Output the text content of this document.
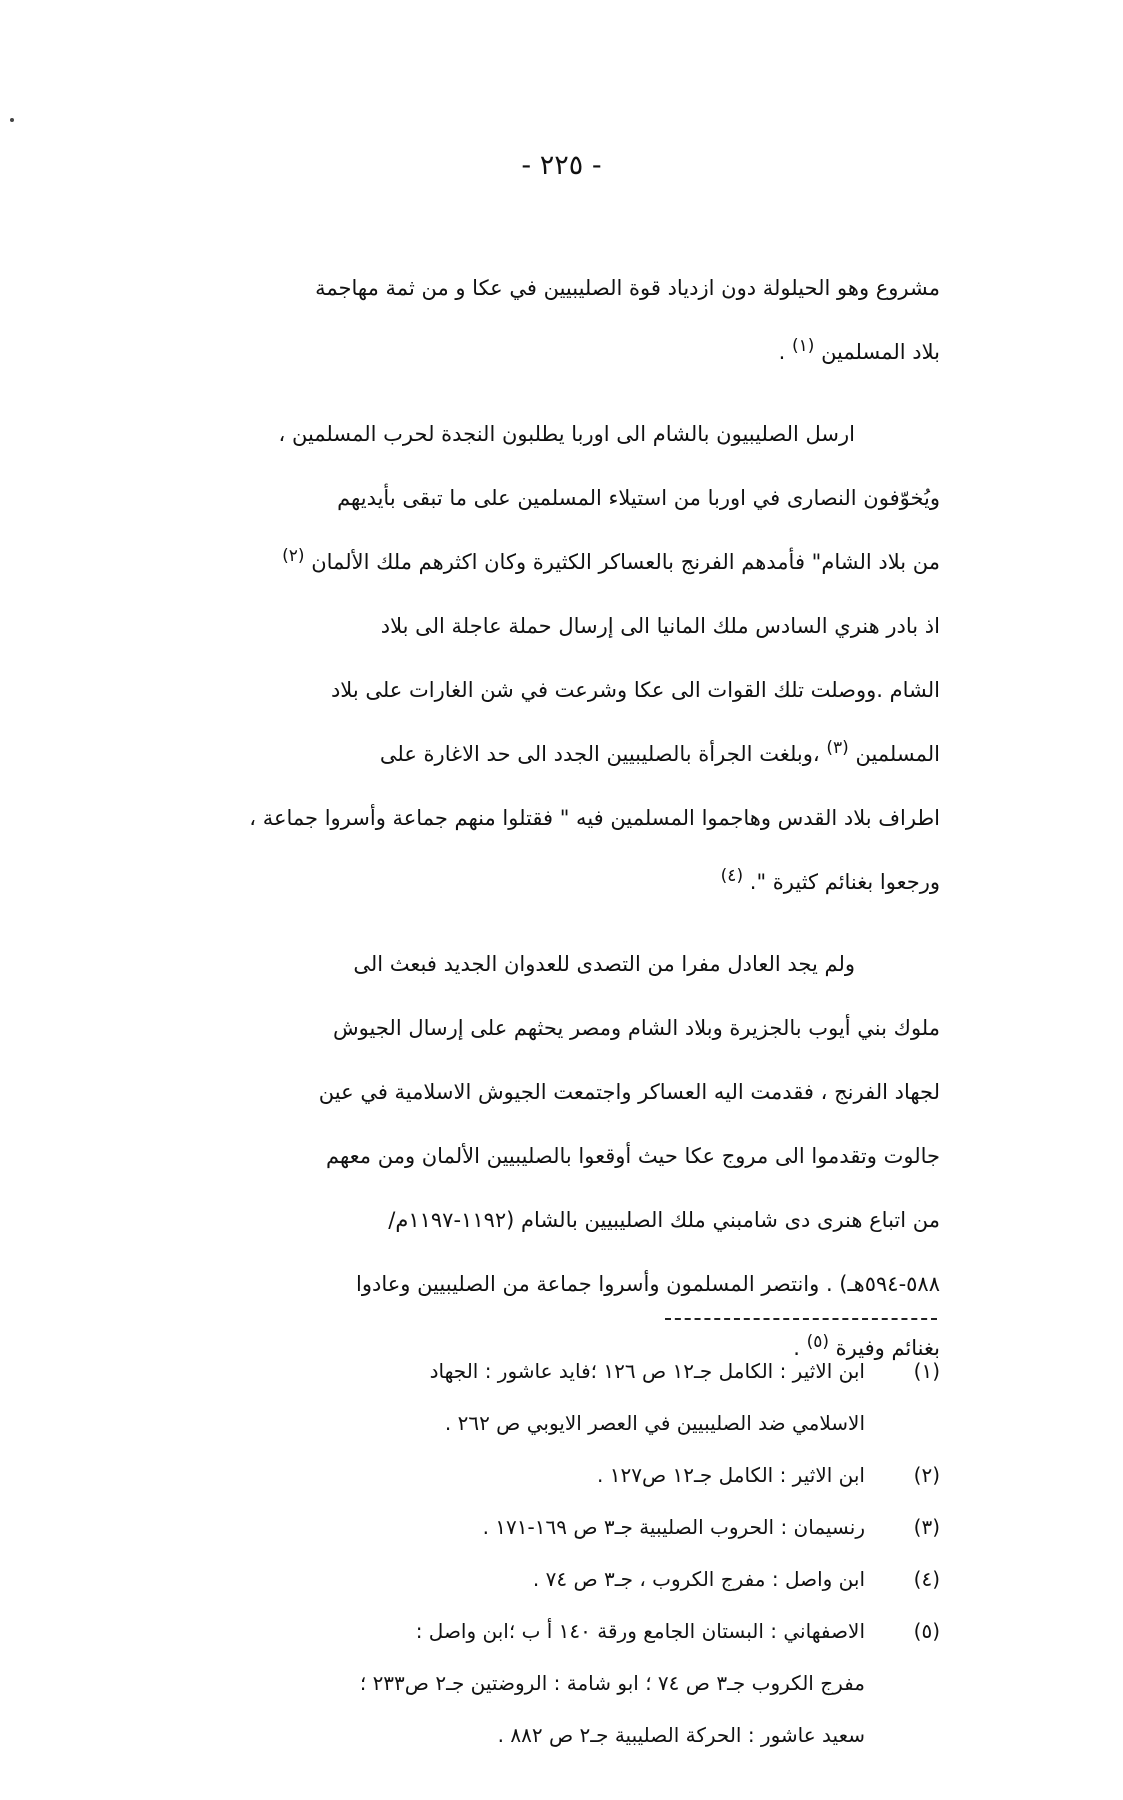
- ٢٢٥ -
مشروع وهو الحيلولة دون ازدياد قوة الصليبيين في عكا و من ثمة مهاجمة
بلاد المسلمين $^{(١)}$ .
ارسل الصليبيون بالشام الى اوربا يطلبون النجدة لحرب المسلمين ،
ويُخوّفون النصارى في اوربا من استيلاء المسلمين على ما تبقى بأيديهم
من بلاد الشام" فأمدهم الفرنج بالعساكر الكثيرة وكان اكثرهم ملك الألمان $^{(٢)}$
اذ بادر هنري السادس ملك المانيا الى إرسال حملة عاجلة الى بلاد
الشام .ووصلت تلك القوات الى عكا وشرعت في شن الغارات على بلاد
المسلمين $^{(٣)}$ ،وبلغت الجرأة بالصليبيين الجدد الى حد الاغارة على
اطراف بلاد القدس وهاجموا المسلمين فيه " فقتلوا منهم جماعة وأسروا جماعة ،
ورجعوا بغنائم كثيرة ". $^{(٤)}$
ولم يجد العادل مفرا من التصدى للعدوان الجديد فبعث الى
ملوك بني أيوب بالجزيرة وبلاد الشام ومصر يحثهم على إرسال الجيوش
لجهاد الفرنج ، فقدمت اليه العساكر واجتمعت الجيوش الاسلامية في عين
جالوت وتقدموا الى مروج عكا حيث أوقعوا بالصليبيين الألمان ومن معهم
من اتباع هنرى دى شامبني ملك الصليبيين بالشام (١١٩٢-١١٩٧م/
٥٨٨-٥٩٤هـ) . وانتصر المسلمون وأسروا جماعة من الصليبيين وعادوا
بغنائم وفيرة $^{(٥)}$ .
(١)
ابن الاثير : الكامل جـ١٢ ص ١٢٦ ؛فايد عاشور : الجهاد
الاسلامي ضد الصليبيين في العصر الايوبي ص ٢٦٢ .
(٢)
ابن الاثير : الكامل جـ١٢ ص١٢٧ .
(٣)
رنسيمان : الحروب الصليبية جـ٣ ص ١٦٩-١٧١ .
(٤)
ابن واصل : مفرج الكروب ، جـ٣ ص ٧٤ .
(٥)
الاصفهاني : البستان الجامع ورقة ١٤٠ أ ب ؛ابن واصل :
مفرج الكروب جـ٣ ص ٧٤ ؛ ابو شامة : الروضتين جـ٢ ص٢٣٣ ؛
سعيد عاشور : الحركة الصليبية جـ٢ ص ٨٨٢ .
